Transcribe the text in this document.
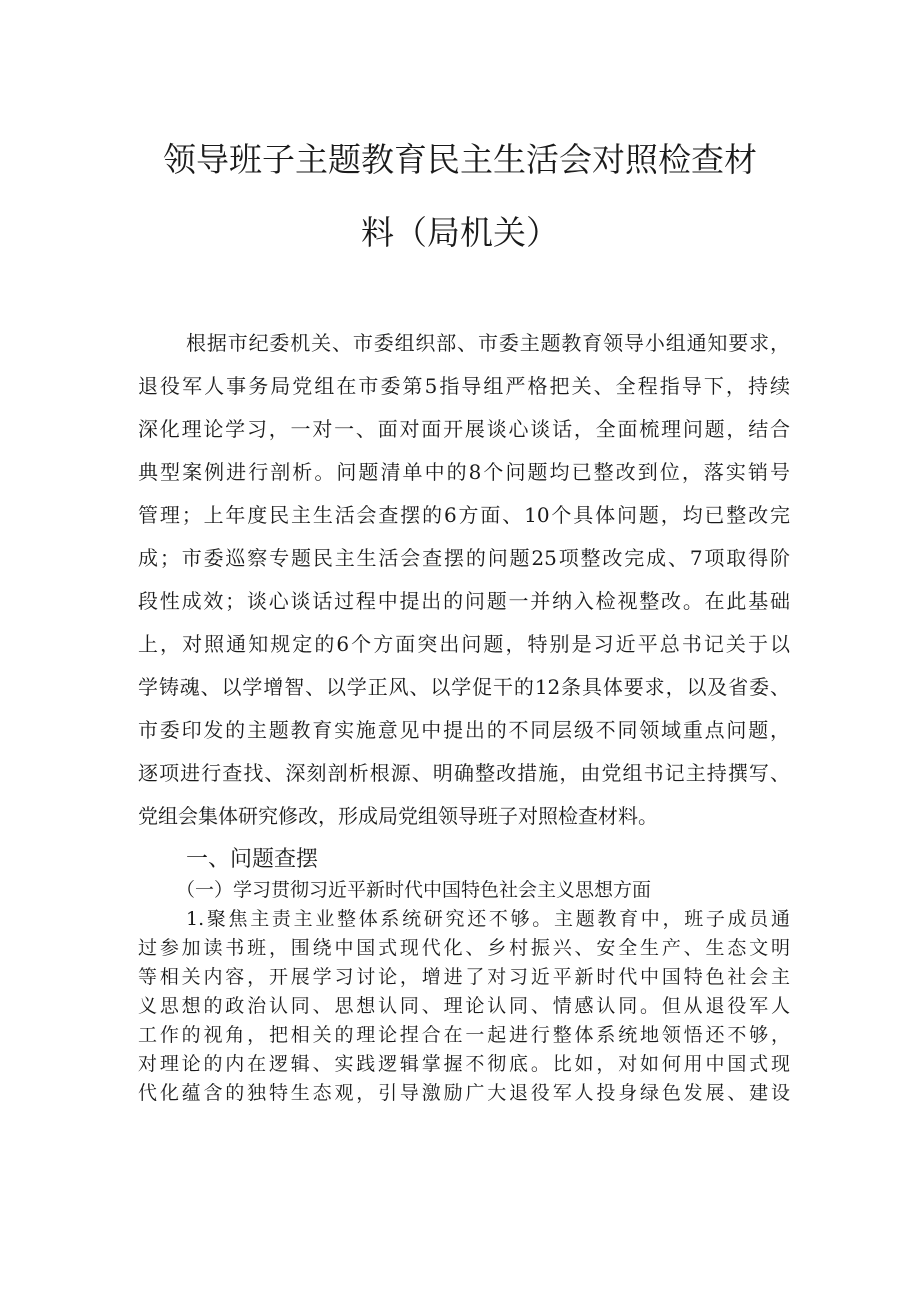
领导班子主题教育民主生活会对照检查材
料（局机关）
根据市纪委机关、市委组织部、市委主题教育领导小组通知要求，
退役军人事务局党组在市委第5指导组严格把关、全程指导下，持续
深化理论学习，一对一、面对面开展谈心谈话，全面梳理问题，结合
典型案例进行剖析。问题清单中的8个问题均已整改到位，落实销号
管理；上年度民主生活会查摆的6方面、10个具体问题，均已整改完
成；市委巡察专题民主生活会查摆的问题25项整改完成、7项取得阶
段性成效；谈心谈话过程中提出的问题一并纳入检视整改。在此基础
上，对照通知规定的6个方面突出问题，特别是习近平总书记关于以
学铸魂、以学增智、以学正风、以学促干的12条具体要求，以及省委、
市委印发的主题教育实施意见中提出的不同层级不同领域重点问题，
逐项进行查找、深刻剖析根源、明确整改措施，由党组书记主持撰写、
党组会集体研究修改，形成局党组领导班子对照检查材料。
一、问题查摆
（一）学习贯彻习近平新时代中国特色社会主义思想方面
1.聚焦主责主业整体系统研究还不够。主题教育中，班子成员通
过参加读书班，围绕中国式现代化、乡村振兴、安全生产、生态文明
等相关内容，开展学习讨论，增进了对习近平新时代中国特色社会主
义思想的政治认同、思想认同、理论认同、情感认同。但从退役军人
工作的视角，把相关的理论捏合在一起进行整体系统地领悟还不够，
对理论的内在逻辑、实践逻辑掌握不彻底。比如，对如何用中国式现
代化蕴含的独特生态观，引导激励广大退役军人投身绿色发展、建设
